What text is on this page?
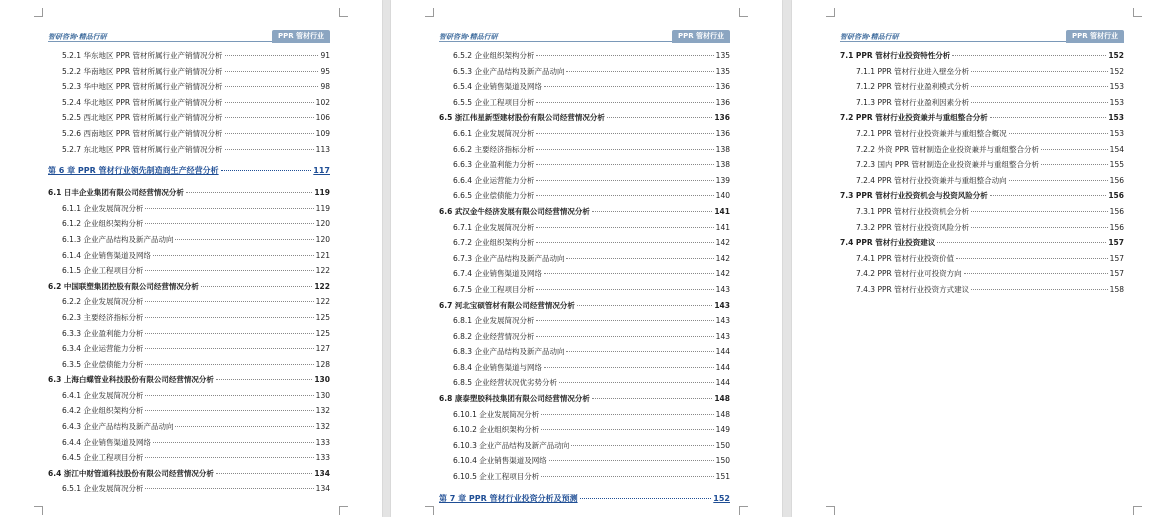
智研咨询·精品行研	PPR 管材行业
5.2.1 华东地区 PPR 管材所属行业产销情况分析	91
5.2.2 华南地区 PPR 管材所属行业产销情况分析	95
5.2.3 华中地区 PPR 管材所属行业产销情况分析	98
5.2.4 华北地区 PPR 管材所属行业产销情况分析	102
5.2.5 西北地区 PPR 管材所属行业产销情况分析	106
5.2.6 西南地区 PPR 管材所属行业产销情况分析	109
5.2.7 东北地区 PPR 管材所属行业产销情况分析	113
第 6 章 PPR 管材行业领先制造商生产经营分析	117
6.1 日丰企业集团有限公司经营情况分析	119
6.1.1 企业发展简况分析	119
6.1.2 企业组织架构分析	120
6.1.3 企业产品结构及新产品动向	120
6.1.4 企业销售渠道及网络	121
6.1.5 企业工程项目分析	122
6.2 中国联塑集团控股有限公司经营情况分析	122
6.2.2 企业发展简况分析	122
6.2.3 主要经济指标分析	125
6.3.3 企业盈利能力分析	125
6.3.4 企业运营能力分析	127
6.3.5 企业偿债能力分析	128
6.3 上海白蝶管业科技股份有限公司经营情况分析	130
6.4.1 企业发展简况分析	130
6.4.2 企业组织架构分析	132
6.4.3 企业产品结构及新产品动向	132
6.4.4 企业销售渠道及网络	133
6.4.5 企业工程项目分析	133
6.4 浙江中财管道科技股份有限公司经营情况分析	134
6.5.1 企业发展简况分析	134
智研咨询·精品行研	PPR 管材行业
6.5.2 企业组织架构分析	135
6.5.3 企业产品结构及新产品动向	135
6.5.4 企业销售渠道及网络	136
6.5.5 企业工程项目分析	136
6.5 浙江伟星新型建材股份有限公司经营情况分析	136
6.6.1 企业发展简况分析	136
6.6.2 主要经济指标分析	138
6.6.3 企业盈利能力分析	138
6.6.4 企业运营能力分析	139
6.6.5 企业偿债能力分析	140
6.6 武汉金牛经济发展有限公司经营情况分析	141
6.7.1 企业发展简况分析	141
6.7.2 企业组织架构分析	142
6.7.3 企业产品结构及新产品动向	142
6.7.4 企业销售渠道及网络	142
6.7.5 企业工程项目分析	143
6.7 河北宝硕管材有限公司经营情况分析	143
6.8.1 企业发展简况分析	143
6.8.2 企业经营情况分析	143
6.8.3 企业产品结构及新产品动向	144
6.8.4 企业销售渠道与网络	144
6.8.5 企业经营状况优劣势分析	144
6.8 康泰塑胶科技集团有限公司经营情况分析	148
6.10.1 企业发展简况分析	148
6.10.2 企业组织架构分析	149
6.10.3 企业产品结构及新产品动向	150
6.10.4 企业销售渠道及网络	150
6.10.5 企业工程项目分析	151
第 7 章 PPR 管材行业投资分析及预测	152
智研咨询·精品行研	PPR 管材行业
7.1 PPR 管材行业投资特性分析	152
7.1.1 PPR 管材行业进入壁垒分析	152
7.1.2 PPR 管材行业盈利模式分析	153
7.1.3 PPR 管材行业盈利因素分析	153
7.2 PPR 管材行业投资兼并与重组整合分析	153
7.2.1 PPR 管材行业投资兼并与重组整合概况	153
7.2.2 外资 PPR 管材制造企业投资兼并与重组整合分析	154
7.2.3 国内 PPR 管材制造企业投资兼并与重组整合分析	155
7.2.4 PPR 管材行业投资兼并与重组整合动向	156
7.3 PPR 管材行业投资机会与投资风险分析	156
7.3.1 PPR 管材行业投资机会分析	156
7.3.2 PPR 管材行业投资风险分析	156
7.4 PPR 管材行业投资建议	157
7.4.1 PPR 管材行业投资价值	157
7.4.2 PPR 管材行业可投资方向	157
7.4.3 PPR 管材行业投资方式建议	158
